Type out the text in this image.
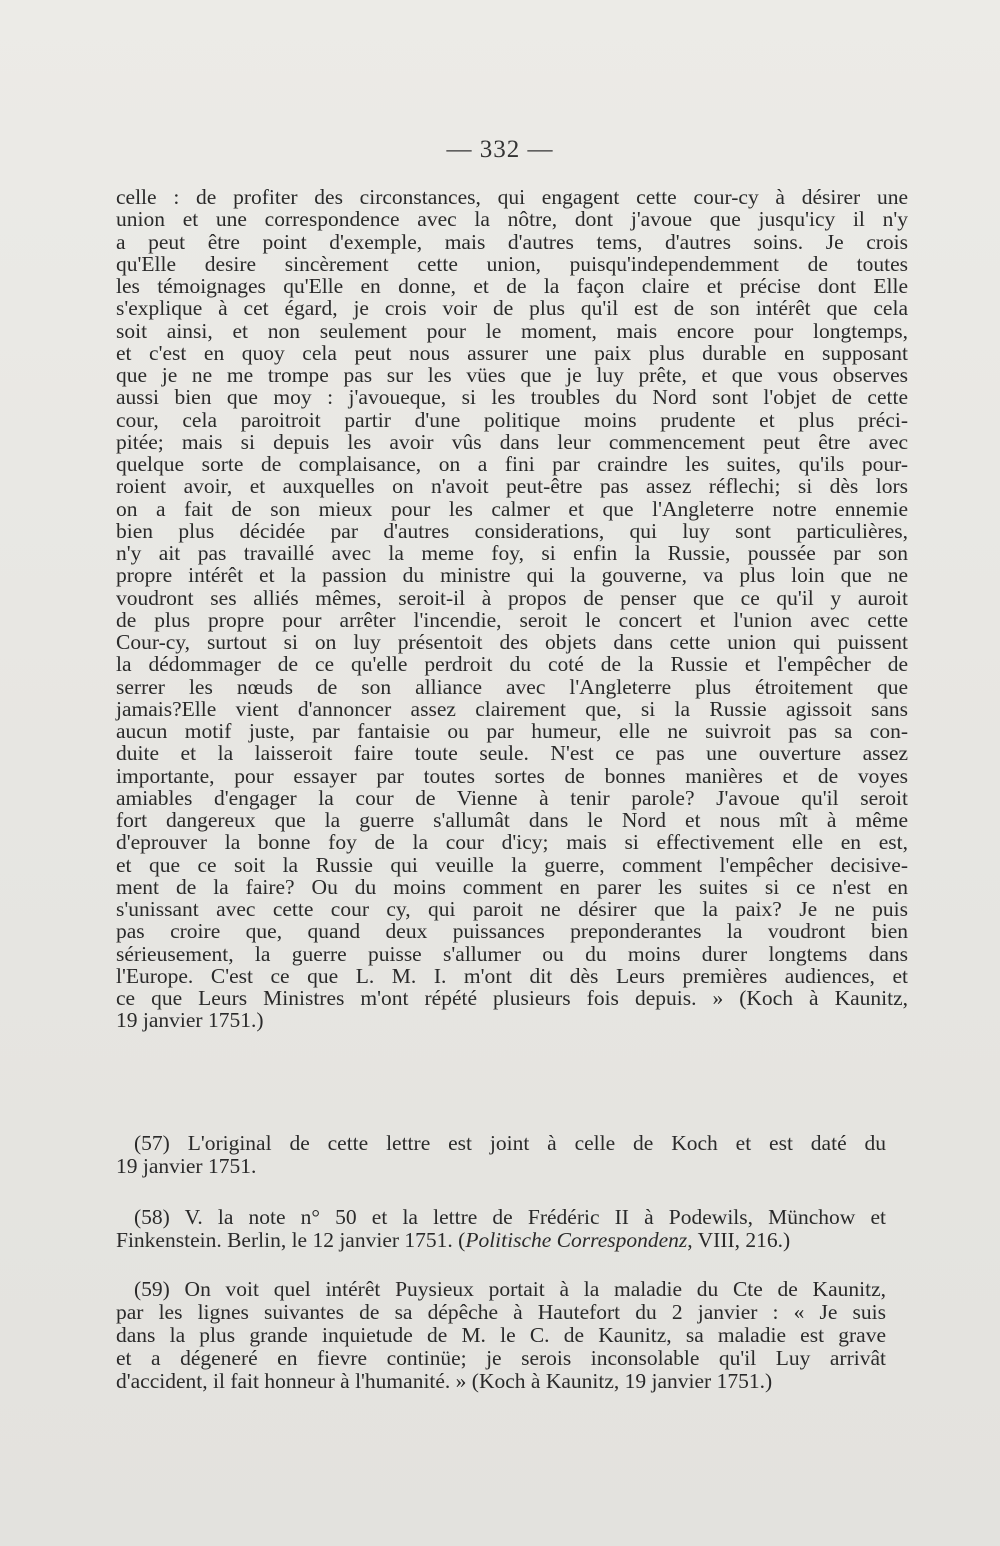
— 332 —
celle : de profiter des circonstances, qui engagent cette cour-cy à désirer une
union et une correspondence avec la nôtre, dont j'avoue que jusqu'icy il n'y
a peut être point d'exemple, mais d'autres tems, d'autres soins. Je crois
qu'Elle desire sincèrement cette union, puisqu'independemment de toutes
les témoignages qu'Elle en donne, et de la façon claire et précise dont Elle
s'explique à cet égard, je crois voir de plus qu'il est de son intérêt que cela
soit ainsi, et non seulement pour le moment, mais encore pour longtemps,
et c'est en quoy cela peut nous assurer une paix plus durable en supposant
que je ne me trompe pas sur les vües que je luy prête, et que vous observes
aussi bien que moy : j'avoueque, si les troubles du Nord sont l'objet de cette
cour, cela paroitroit partir d'une politique moins prudente et plus préci-
pitée; mais si depuis les avoir vûs dans leur commencement peut être avec
quelque sorte de complaisance, on a fini par craindre les suites, qu'ils pour-
roient avoir, et auxquelles on n'avoit peut-être pas assez réflechi; si dès lors
on a fait de son mieux pour les calmer et que l'Angleterre notre ennemie
bien plus décidée par d'autres considerations, qui luy sont particulières,
n'y ait pas travaillé avec la meme foy, si enfin la Russie, poussée par son
propre intérêt et la passion du ministre qui la gouverne, va plus loin que ne
voudront ses alliés mêmes, seroit-il à propos de penser que ce qu'il y auroit
de plus propre pour arrêter l'incendie, seroit le concert et l'union avec cette
Cour-cy, surtout si on luy présentoit des objets dans cette union qui puissent
la dédommager de ce qu'elle perdroit du coté de la Russie et l'empêcher de
serrer les nœuds de son alliance avec l'Angleterre plus étroitement que
jamais?Elle vient d'annoncer assez clairement que, si la Russie agissoit sans
aucun motif juste, par fantaisie ou par humeur, elle ne suivroit pas sa con-
duite et la laisseroit faire toute seule. N'est ce pas une ouverture assez
importante, pour essayer par toutes sortes de bonnes manières et de voyes
amiables d'engager la cour de Vienne à tenir parole? J'avoue qu'il seroit
fort dangereux que la guerre s'allumât dans le Nord et nous mît à même
d'eprouver la bonne foy de la cour d'icy; mais si effectivement elle en est,
et que ce soit la Russie qui veuille la guerre, comment l'empêcher decisive-
ment de la faire? Ou du moins comment en parer les suites si ce n'est en
s'unissant avec cette cour cy, qui paroit ne désirer que la paix? Je ne puis
pas croire que, quand deux puissances preponderantes la voudront bien
sérieusement, la guerre puisse s'allumer ou du moins durer longtems dans
l'Europe. C'est ce que L. M. I. m'ont dit dès Leurs premières audiences, et
ce que Leurs Ministres m'ont répété plusieurs fois depuis. » (Koch à Kaunitz,
19 janvier 1751.)
(57) L'original de cette lettre est joint à celle de Koch et est daté du
19 janvier 1751.
(58) V. la note n° 50 et la lettre de Frédéric II à Podewils, Münchow et
Finkenstein. Berlin, le 12 janvier 1751. (Politische Correspondenz, VIII, 216.)
(59) On voit quel intérêt Puysieux portait à la maladie du Cte de Kaunitz,
par les lignes suivantes de sa dépêche à Hautefort du 2 janvier : « Je suis
dans la plus grande inquietude de M. le C. de Kaunitz, sa maladie est grave
et a dégeneré en fievre continüe; je serois inconsolable qu'il Luy arrivât
d'accident, il fait honneur à l'humanité. » (Koch à Kaunitz, 19 janvier 1751.)
